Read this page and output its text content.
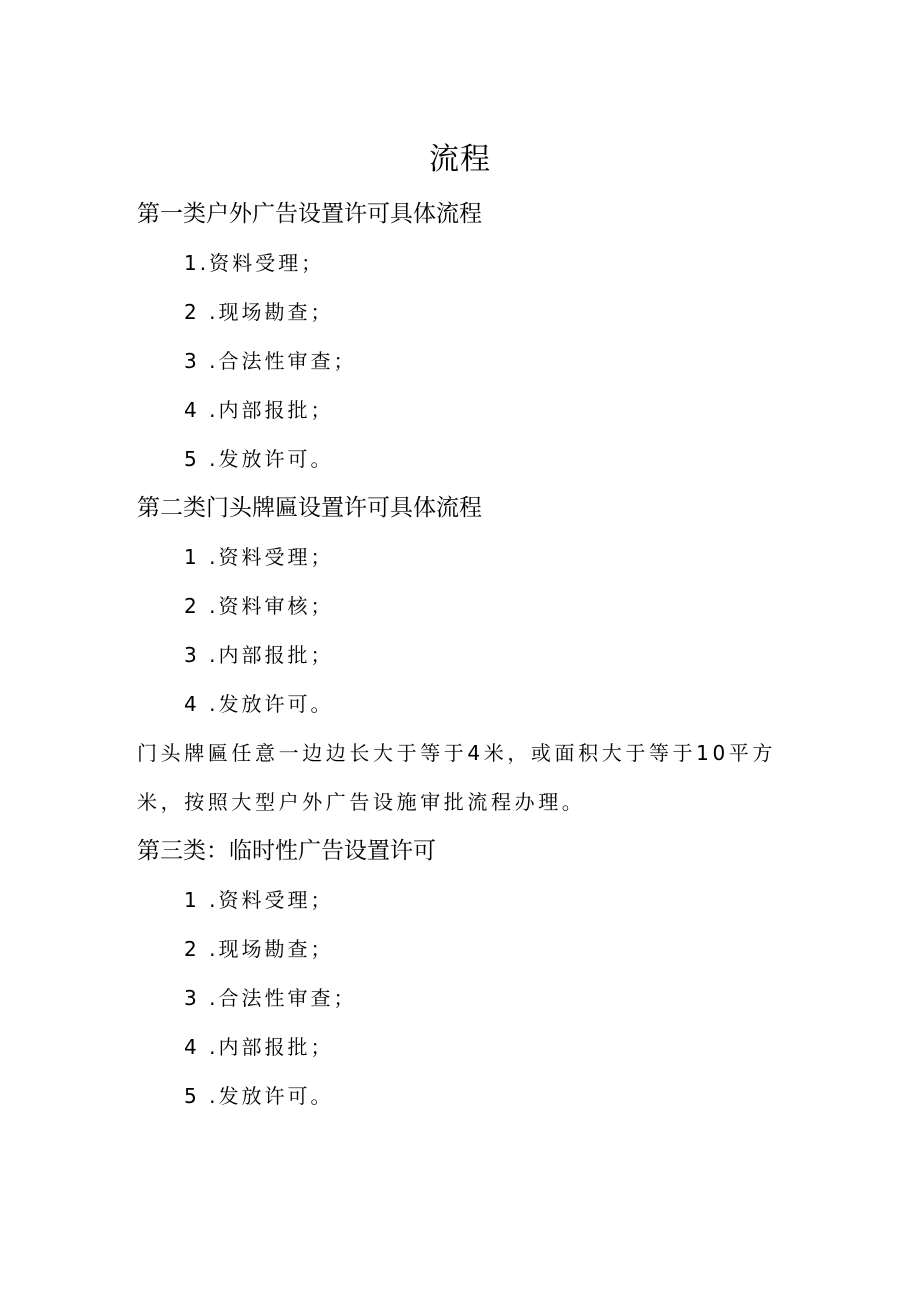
流程
第一类户外广告设置许可具体流程
1.资料受理；
2 .现场勘查；
3 .合法性审查；
4 .内部报批；
5 .发放许可。
第二类门头牌匾设置许可具体流程
1 .资料受理；
2 .资料审核；
3 .内部报批；
4 .发放许可。
门头牌匾任意一边边长大于等于4米，或面积大于等于10平方
米，按照大型户外广告设施审批流程办理。
第三类：临时性广告设置许可
1 .资料受理；
2 .现场勘查；
3 .合法性审查；
4 .内部报批；
5 .发放许可。
